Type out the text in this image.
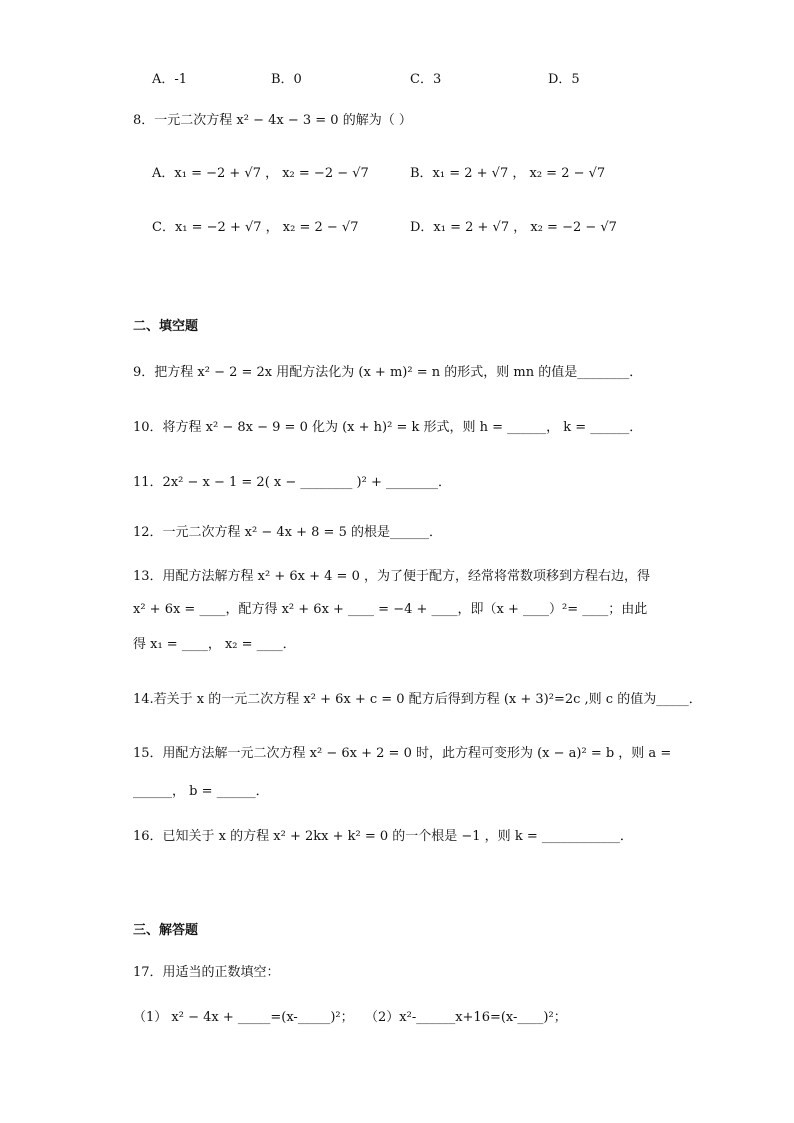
A．-1	B．0	C．3	D．5
8．一元二次方程 x² − 4x − 3 = 0 的解为（ ）
A．x₁ = −2 + √7 ， x₂ = −2 − √7	B．x₁ = 2 + √7 ， x₂ = 2 − √7
C．x₁ = −2 + √7 ， x₂ = 2 − √7	D．x₁ = 2 + √7 ， x₂ = −2 − √7
二、填空题
9．把方程 x² − 2 = 2x 用配方法化为 (x + m)² = n 的形式，则 mn 的值是________．
10．将方程 x² − 8x − 9 = 0 化为 (x + h)² = k 形式，则 h = ______， k = ______．
11．2x² − x − 1 = 2( x − ________ )² + ________．
12．一元二次方程 x² − 4x + 8 = 5 的根是______．
13．用配方法解方程 x² + 6x + 4 = 0 ，为了便于配方，经常将常数项移到方程右边，得
x² + 6x = ____，配方得 x² + 6x + ____ = −4 + ____，即（x + ____）²= ____；由此
得 x₁ = ____， x₂ = ____．
14.若关于 x 的一元二次方程 x² + 6x + c = 0 配方后得到方程 (x + 3)²=2c ,则 c 的值为_____．
15．用配方法解一元二次方程 x² − 6x + 2 = 0 时，此方程可变形为 (x − a)² = b ，则 a =
______， b = ______．
16．已知关于 x 的方程 x² + 2kx + k² = 0 的一个根是 −1 ，则 k = ____________．
三、解答题
17．用适当的正数填空：
（1） x² − 4x + _____=(x-_____)²； （2）x²-______x+16=(x-____)²；
